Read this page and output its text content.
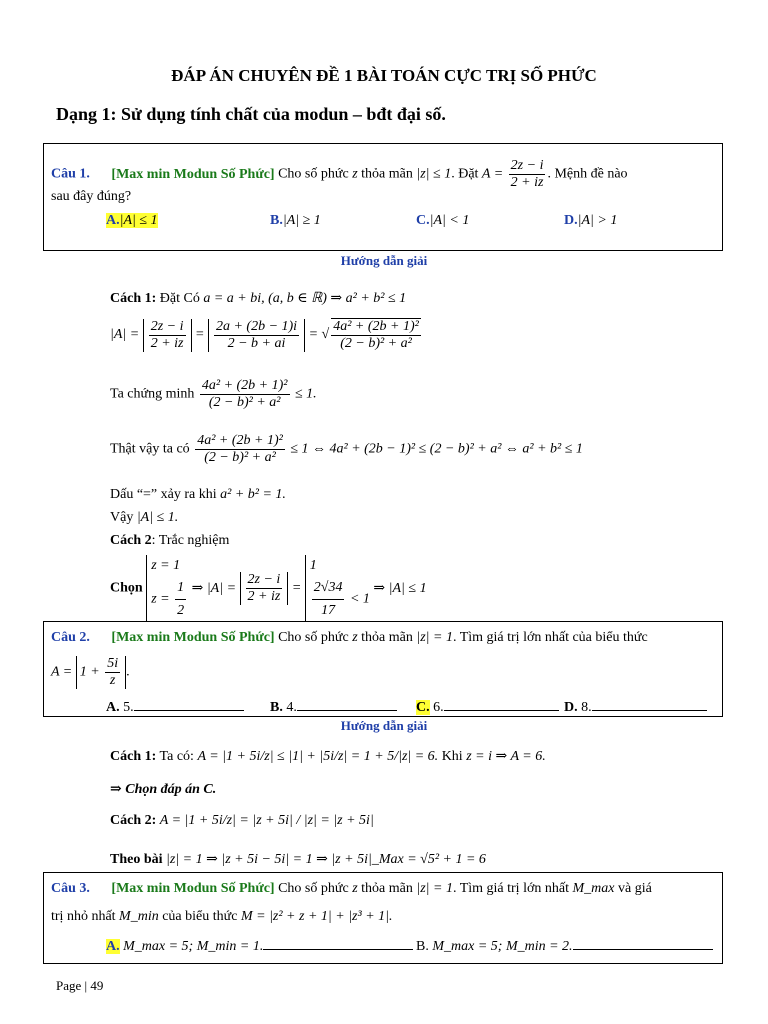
ĐÁP ÁN CHUYÊN ĐỀ 1 BÀI TOÁN CỰC TRỊ SỐ PHỨC
Dạng 1: Sử dụng tính chất của modun – bđt đại số.
Câu 1. [Max min Modun Số Phức] Cho số phức z thỏa mãn |z| ≤ 1. Đặt $A = \frac{2z - i}{2 + iz}$ . Mệnh đề nào
sau đây đúng?
A.|A| ≤ 1	B.|A| ≥ 1	C.|A| < 1	D.|A| > 1
Hướng dẫn giải
Cách 1: Đặt Có a = a + bi, (a, b ∈ ℝ) ⇒ a² + b² ≤ 1
$|A| = \frac{2z - i}{2 + iz} = \frac{2a + (2b - 1)i}{2 - b + ai}$ = √ $\frac{\text{4a² + (2b + 1)²}}{\text{(2 − b)² + a²}}$
Ta chứng minh $\frac{\text{4a² + (2b + 1)²}}{\text{(2 − b)² + a²}} \le 1$.
Thật vậy ta có $\frac{\text{4a² + (2b + 1)²}}{\text{(2 − b)² + a²}} \le 1$ ⇔ 4a² + (2b − 1)² ≤ (2 − b)² + a² ⇔ a² + b² ≤ 1
Dấu “=” xảy ra khi a² + b² = 1.
Vậy |A| ≤ 1.
Cách 2: Trắc nghiệm
Chọn
z = 1
$z = \frac{1}{2}$ ⇒ $|A| = \frac{2z - i}{2 + iz}$ =
1
$\frac{2√34}{17} < 1$
⇒ |A| ≤ 1
Câu 2. [Max min Modun Số Phức] Cho số phức z thỏa mãn |z| = 1. Tìm giá trị lớn nhất của biểu thức
$A = 1 + \frac{5i}{z}$ .
A. 5.	B. 4.	C. 6.	D. 8.
Hướng dẫn giải
Cách 1: Ta có: A = |1 + 5i/z| ≤ |1| + |5i/z| = 1 + 5/|z| = 6. Khi z = i ⇒ A = 6.
⇒ Chọn đáp án C.
Cách 2: A = |1 + 5i/z| = |z + 5i| / |z| = |z + 5i|
Theo bài |z| = 1 ⇒ |z + 5i − 5i| = 1 ⇒ |z + 5i|_Max = √5² + 1 = 6
Câu 3. [Max min Modun Số Phức] Cho số phức z thỏa mãn |z| = 1. Tìm giá trị lớn nhất M_max và giá
trị nhỏ nhất M_min của biểu thức M = |z² + z + 1| + |z³ + 1|.
A. M_max = 5; M_min = 1.	B. M_max = 5; M_min = 2.
Page | 49
